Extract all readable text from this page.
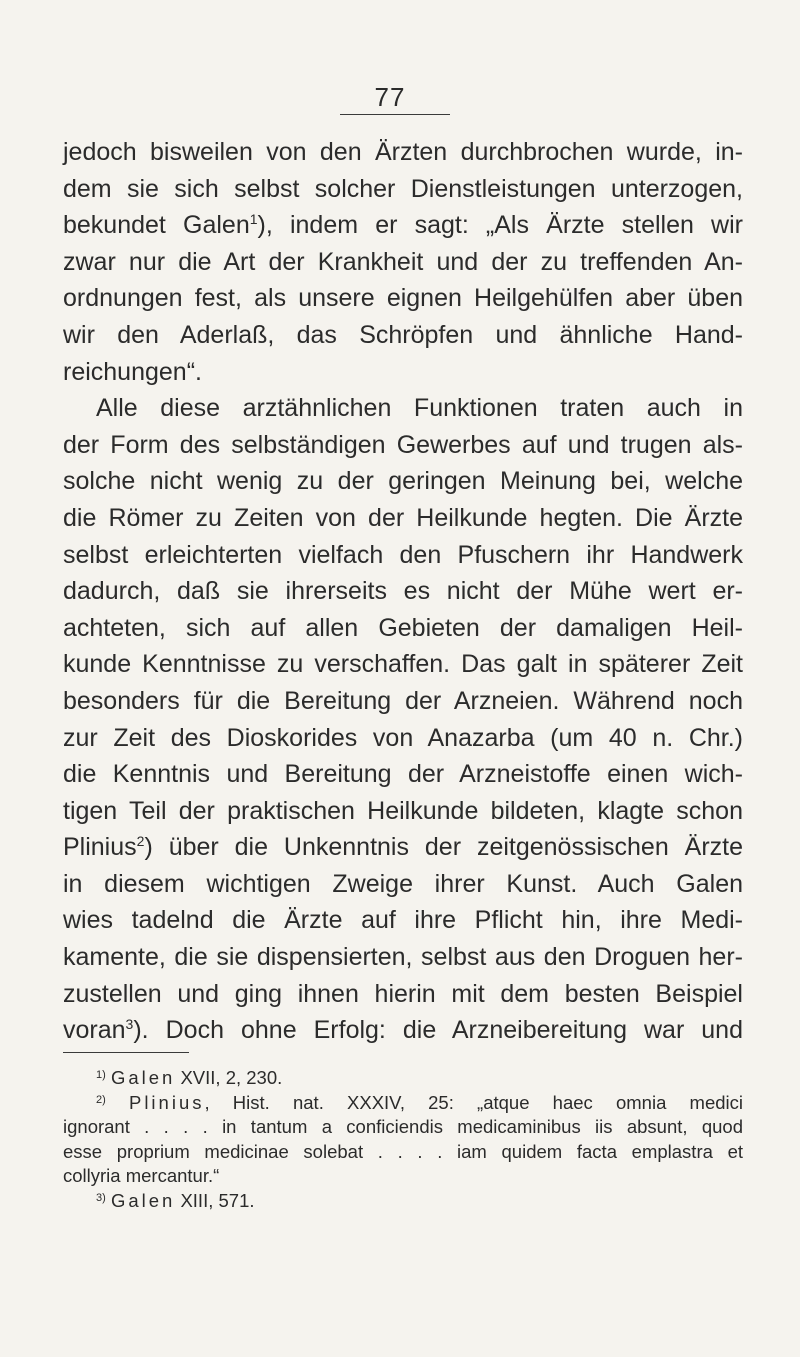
77
jedoch bisweilen von den Ärzten durchbrochen wurde, in-
dem sie sich selbst solcher Dienstleistungen unterzogen,
bekundet Galen$^1$), indem er sagt: „Als Ärzte stellen wir
zwar nur die Art der Krankheit und der zu treffenden An-
ordnungen fest, als unsere eignen Heilgehülfen aber üben
wir den Aderlaß, das Schröpfen und ähnliche Hand-
reichungen“.
Alle diese arztähnlichen Funktionen traten auch in
der Form des selbständigen Gewerbes auf und trugen als-
solche nicht wenig zu der geringen Meinung bei, welche
die Römer zu Zeiten von der Heilkunde hegten. Die Ärzte
selbst erleichterten vielfach den Pfuschern ihr Handwerk
dadurch, daß sie ihrerseits es nicht der Mühe wert er-
achteten, sich auf allen Gebieten der damaligen Heil-
kunde Kenntnisse zu verschaffen. Das galt in späterer Zeit
besonders für die Bereitung der Arzneien. Während noch
zur Zeit des Dioskorides von Anazarba (um 40 n. Chr.)
die Kenntnis und Bereitung der Arzneistoffe einen wich-
tigen Teil der praktischen Heilkunde bildeten, klagte schon
Plinius$^2$) über die Unkenntnis der zeitgenössischen Ärzte
in diesem wichtigen Zweige ihrer Kunst. Auch Galen
wies tadelnd die Ärzte auf ihre Pflicht hin, ihre Medi-
kamente, die sie dispensierten, selbst aus den Droguen her-
zustellen und ging ihnen hierin mit dem besten Beispiel
voran$^3$). Doch ohne Erfolg: die Arzneibereitung war und
$^{1)}$ Galen XVII, 2, 230.
$^{2)}$ Plinius, Hist. nat. XXXIV, 25: „atque haec omnia medici
ignorant . . . . in tantum a conficiendis medicaminibus iis absunt, quod
esse proprium medicinae solebat . . . . iam quidem facta emplastra et
collyria mercantur.“
$^{3)}$ Galen XIII, 571.
